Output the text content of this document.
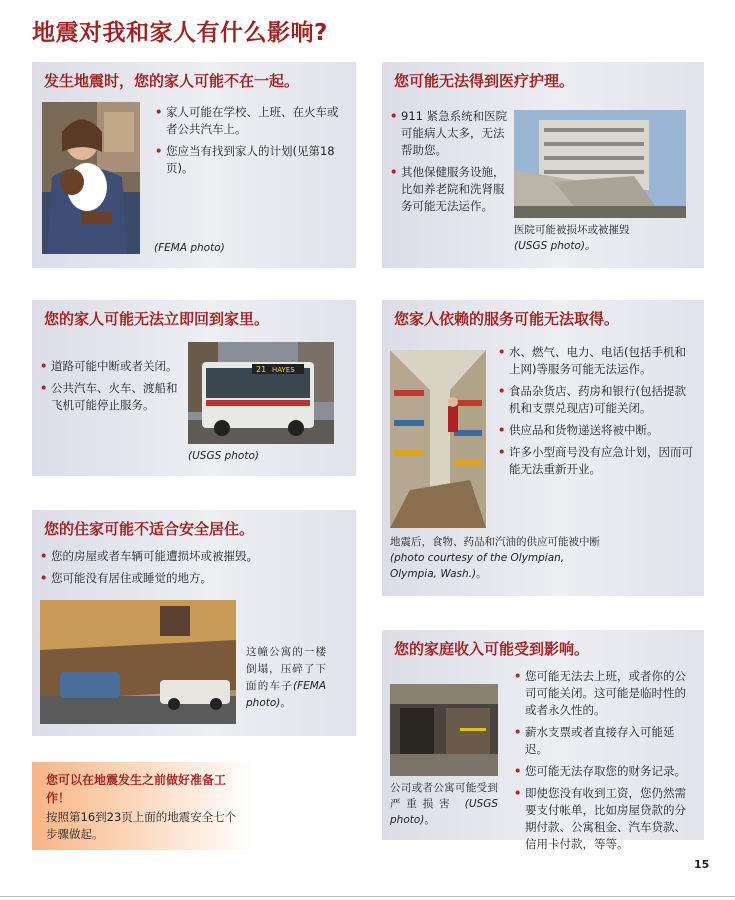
地震对我和家人有什么影响?
发生地震时，您的家人可能不在一起。
• 家人可能在学校、上班、在火车或者公共汽车上。
• 您应当有找到家人的计划(见第18页)。
(FEMA photo)
您可能无法得到医疗护理。
• 911 紧急系统和医院可能病人太多，无法帮助您。
• 其他保健服务设施，比如养老院和洗肾服务可能无法运作。
医院可能被损坏或被摧毁
(USGS photo)。
您的家人可能无法立即回到家里。
• 道路可能中断或者关闭。
• 公共汽车、火车、渡船和飞机可能停止服务。
21 HAYES
(USGS photo)
您家人依赖的服务可能无法取得。
• 水、燃气、电力、电话(包括手机和上网)等服务可能无法运作。
• 食品杂货店、药房和银行(包括提款机和支票兑现店)可能关闭。
• 供应品和货物递送将被中断。
• 许多小型商号没有应急计划，因而可能无法重新开业。
地震后，食物、药品和汽油的供应可能被中断 (photo courtesy of the Olympian, Olympia, Wash.)。
您的住家可能不适合安全居住。
• 您的房屋或者车辆可能遭损坏或被摧毁。
• 您可能没有居住或睡觉的地方。
这幢公寓的一楼倒塌，压碎了下面的车子(FEMA photo)。
您的家庭收入可能受到影响。
公司或者公寓可能受到严重损害 (USGS photo)。
• 您可能无法去上班，或者你的公司可能关闭。这可能是临时性的或者永久性的。
• 薪水支票或者直接存入可能延迟。
• 您可能无法存取您的财务记录。
• 即使您没有收到工资，您仍然需要支付帐单，比如房屋贷款的分期付款、公寓租金、汽车贷款、信用卡付款，等等。
您可以在地震发生之前做好准备工作！
按照第16到23页上面的地震安全七个步骤做起。
15
